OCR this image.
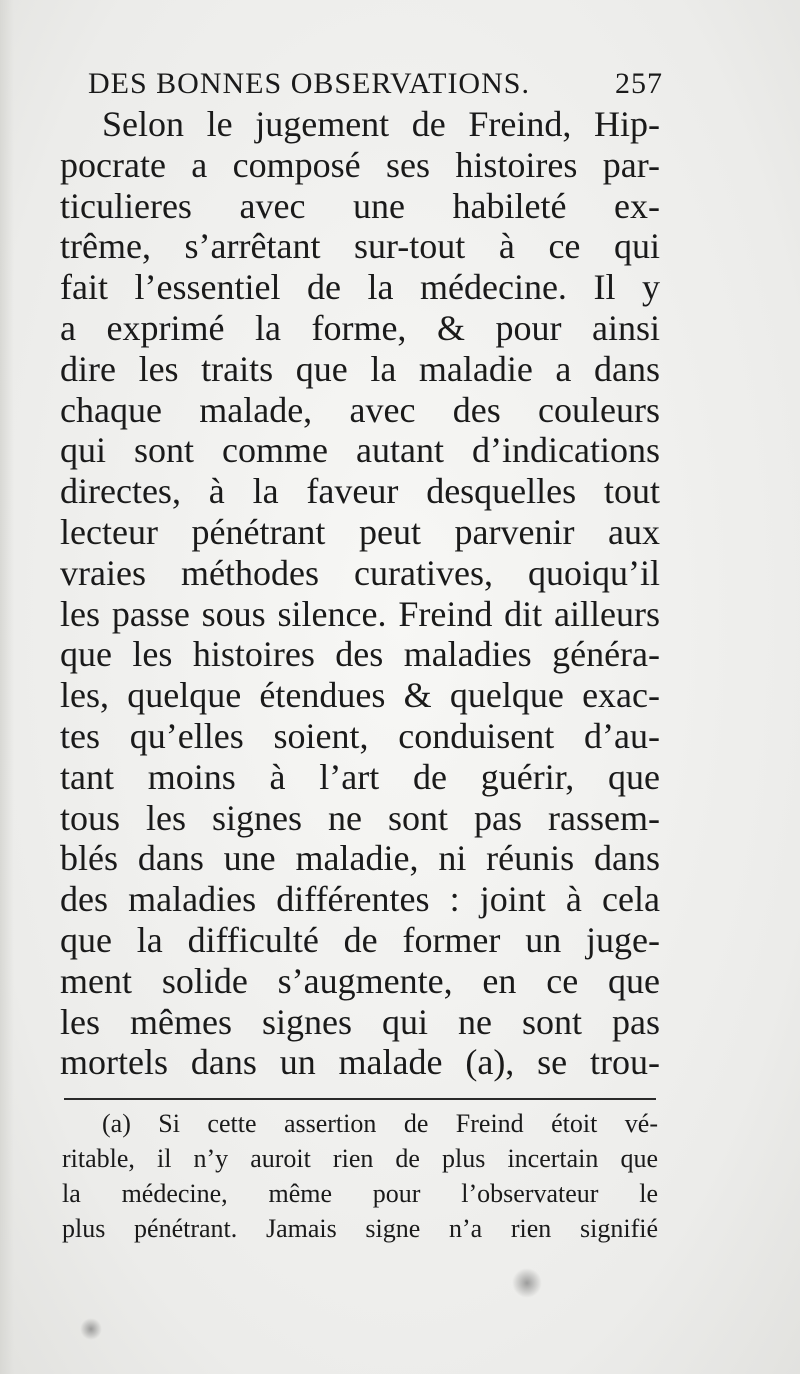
DES BONNES OBSERVATIONS.	257
Selon le jugement de Freind, Hip-
pocrate a composé ses histoires par-
ticulieres avec une habileté ex-
trême, s’arrêtant sur-tout à ce qui
fait l’essentiel de la médecine. Il y
a exprimé la forme, & pour ainsi
dire les traits que la maladie a dans
chaque malade, avec des couleurs
qui sont comme autant d’indications
directes, à la faveur desquelles tout
lecteur pénétrant peut parvenir aux
vraies méthodes curatives, quoiqu’il
les passe sous silence. Freind dit ailleurs
que les histoires des maladies généra-
les, quelque étendues & quelque exac-
tes qu’elles soient, conduisent d’au-
tant moins à l’art de guérir, que
tous les signes ne sont pas rassem-
blés dans une maladie, ni réunis dans
des maladies différentes : joint à cela
que la difficulté de former un juge-
ment solide s’augmente, en ce que
les mêmes signes qui ne sont pas
mortels dans un malade (a), se trou-
(a) Si cette assertion de Freind étoit vé-
ritable, il n’y auroit rien de plus incertain que
la médecine, même pour l’observateur le
plus pénétrant. Jamais signe n’a rien signifié
